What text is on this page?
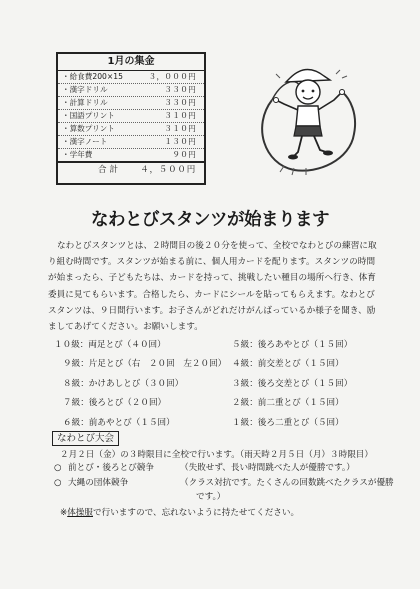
1月の集金
・給食費200×15	３，０００円
・漢字ドリル	３３０円
・計算ドリル	３３０円
・国語プリント	３１０円
・算数プリント	３１０円
・漢字ノート	１３０円
・学年費	９０円
合計 ４，５００円
なわとびスタンツが始まります
なわとびスタンツとは、２時間目の後２０分を使って、全校でなわとびの練習に取り組む時間です。スタンツが始まる前に、個人用カードを配ります。スタンツの時間が始まったら、子どもたちは、カードを持って、挑戦したい種目の場所へ行き、体育委員に見てもらいます。合格したら、カードにシールを貼ってもらえます。なわとびスタンツは、９日間行います。お子さんがどれだけがんばっているか様子を聞き、励ましてあげてください。お願いします。
１０級：両足とび（４０回）
９級：片足とび（右　２０回　左２０回）
８級：かけあしとび（３０回）
７級：後ろとび（２０回）
６級：前あやとび（１５回）
５級：後ろあやとび（１５回）
４級：前交差とび（１５回）
３級：後ろ交差とび（１５回）
２級：前二重とび（１５回）
１級：後ろ二重とび（５回）
なわとび大会
２月２日（金）の３時限目に全校で行います。（雨天時２月５日（月）３時限目）
○ 前とび・後ろとび競争	（失敗せず、長い時間跳べた人が優勝です。）
○ 大縄の団体競争	（クラス対抗です。たくさんの回数跳べたクラスが優勝
です。）
※体操服で行いますので、忘れないように持たせてください。
